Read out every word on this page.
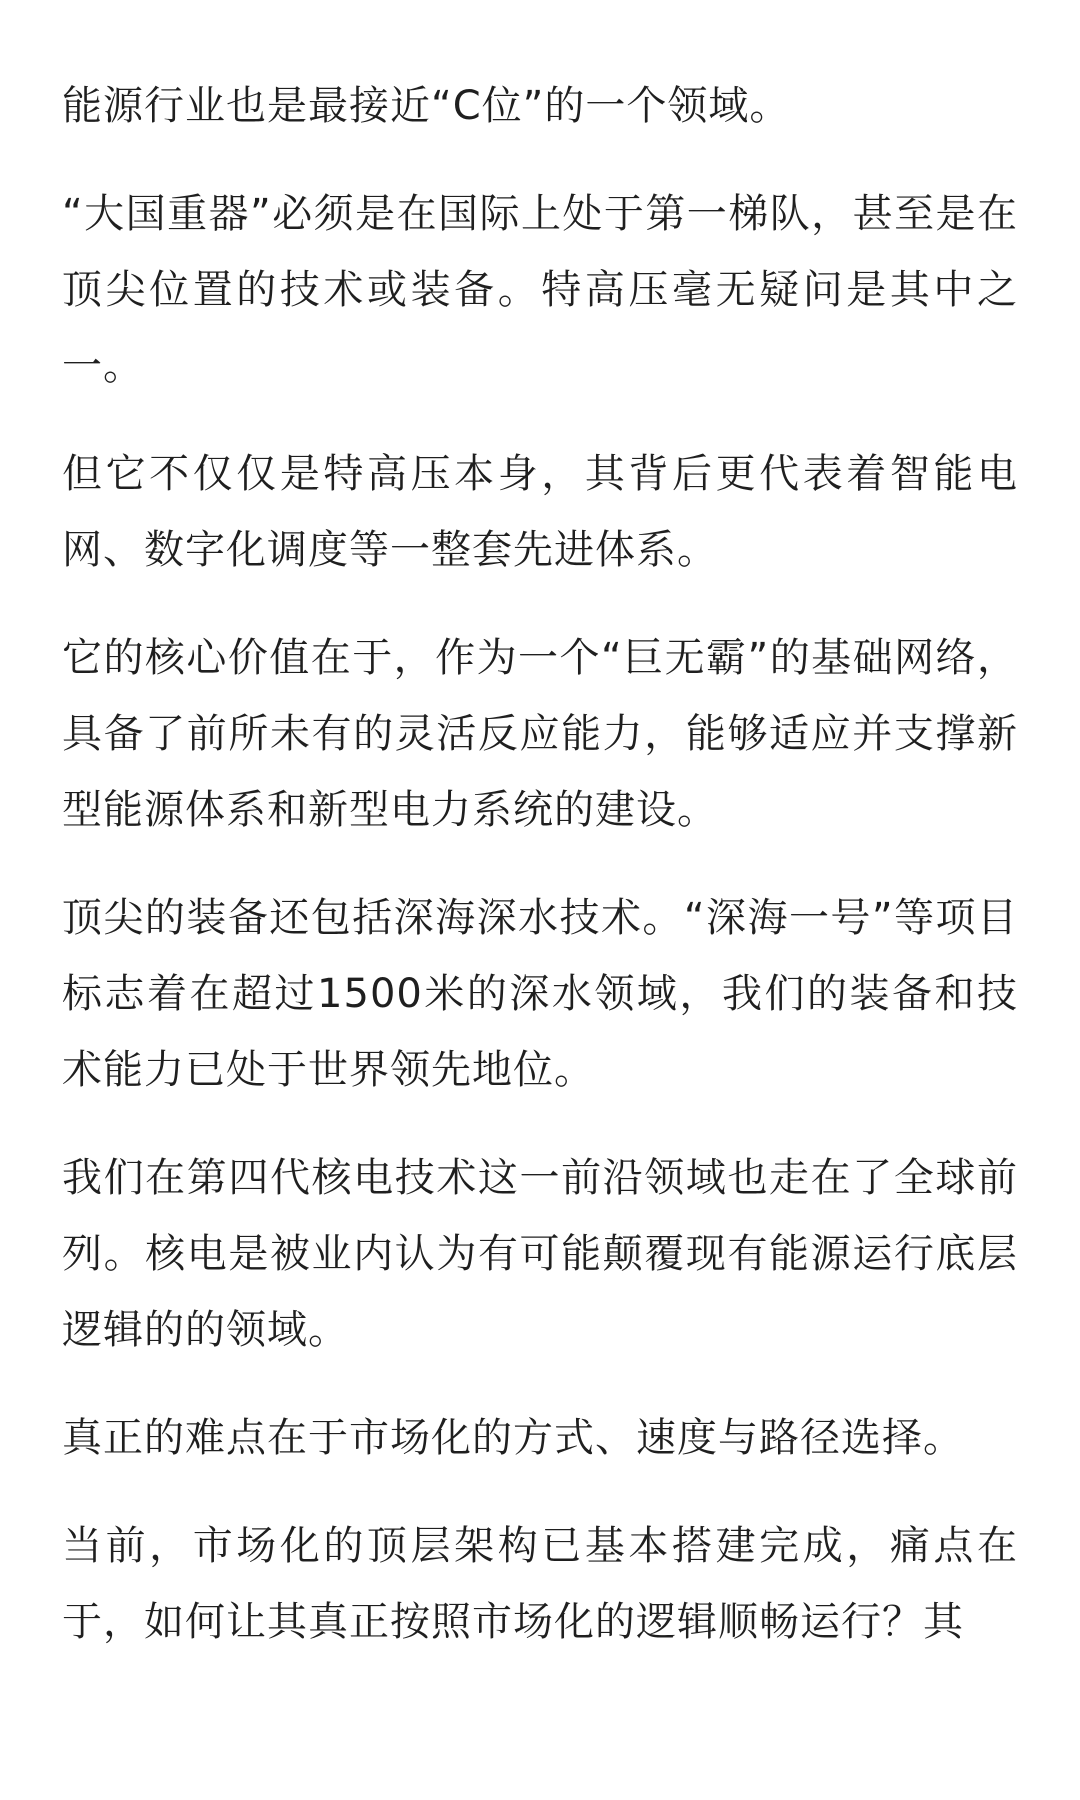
能源行业也是最接近“C位”的一个领域。

“大国重器”必须是在国际上处于第一梯队，甚至是在顶尖位置的技术或装备。特高压毫无疑问是其中之一。

但它不仅仅是特高压本身，其背后更代表着智能电网、数字化调度等一整套先进体系。

它的核心价值在于，作为一个“巨无霸”的基础网络，具备了前所未有的灵活反应能力，能够适应并支撑新型能源体系和新型电力系统的建设。

顶尖的装备还包括深海深水技术。“深海一号”等项目标志着在超过1500米的深水领域，我们的装备和技术能力已处于世界领先地位。

我们在第四代核电技术这一前沿领域也走在了全球前列。核电是被业内认为有可能颠覆现有能源运行底层逻辑的的领域。

真正的难点在于市场化的方式、速度与路径选择。

当前，市场化的顶层架构已基本搭建完成，痛点在于，如何让其真正按照市场化的逻辑顺畅运行？其
